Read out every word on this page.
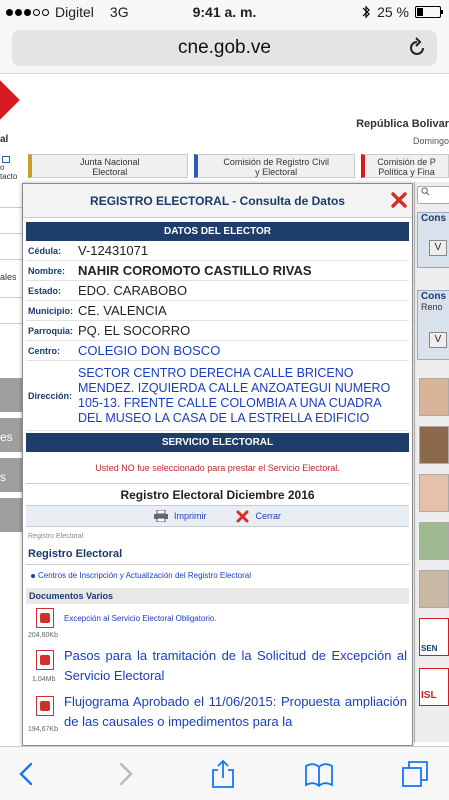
Digitel 3G	9:41 a. m.	25 %
cne.gob.ve
al
República Bolivar
Domingo
o tacto
Junta Nacional
Electoral
Comisión de Registro Civil
y Electoral
Comisión de P
Política y Fina
ales
es
s
Cons
V
Cons
Reno
V
SEN
ISL
REGISTRO ELECTORAL - Consulta de Datos
DATOS DEL ELECTOR
Cédula:	V-12431071
Nombre: NAHIR COROMOTO CASTILLO RIVAS
Estado:	EDO. CARABOBO
Municipio: CE. VALENCIA
Parroquia: PQ. EL SOCORRO
Centro:	COLEGIO DON BOSCO
Dirección:
SECTOR CENTRO DERECHA CALLE BRICENO MENDEZ. IZQUIERDA CALLE ANZOATEGUI NUMERO 105-13. FRENTE CALLE COLOMBIA A UNA CUADRA DEL MUSEO LA CASA DE LA ESTRELLA EDIFICIO
SERVICIO ELECTORAL
Usted NO fue seleccionado para prestar el Servicio Electoral.
Registro Electoral Diciembre 2016
Imprimir	Cerrar
Registro Electoral
Registro Electoral
Centros de Inscripción y Actualización del Registro Electoral
Documentos Varios
204,80Kb
Excepción al Servicio Electoral Obligatorio.
1,04Mb
Pasos para la tramitación de la Solicitud de Excepción al Servicio Electoral
194,67Kb
Flujograma Aprobado el 11/06/2015: Propuesta ampliación de las causales o impedimentos para la
